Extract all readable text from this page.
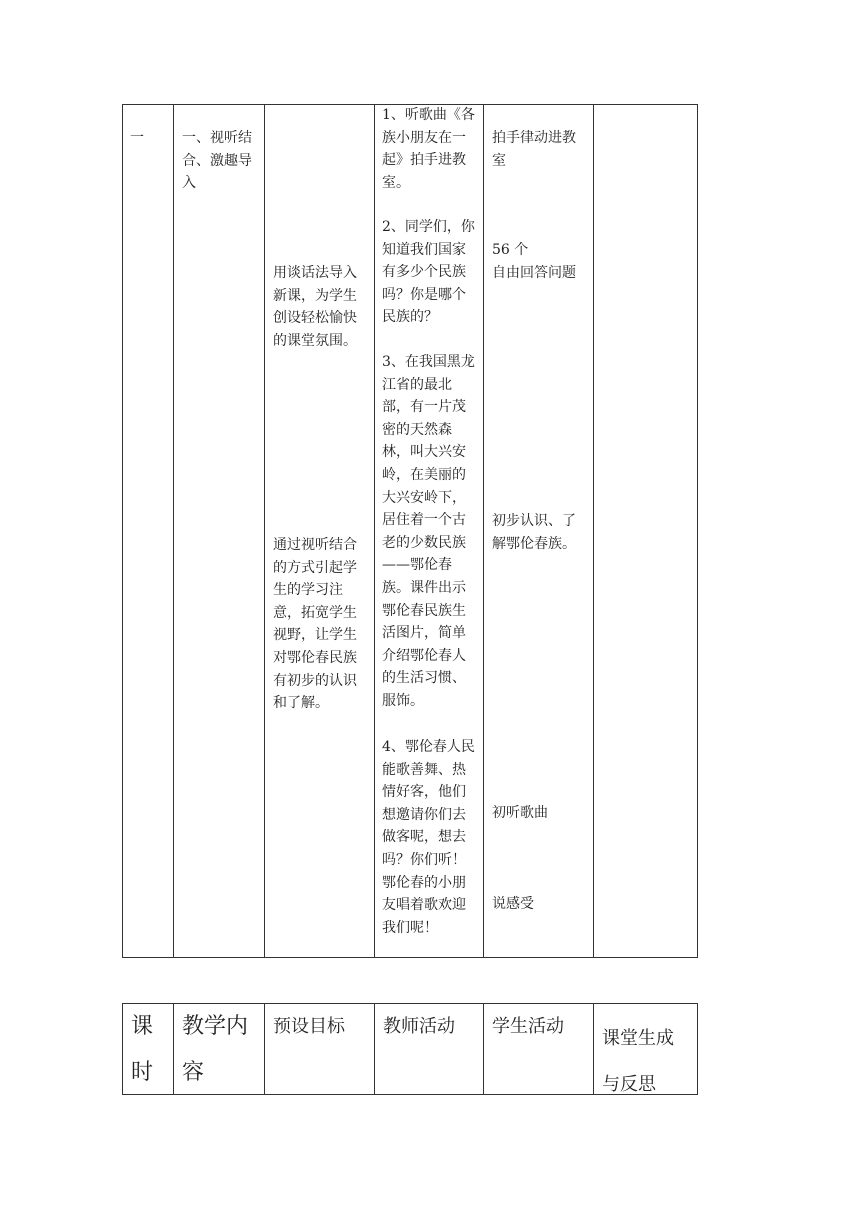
一	一、视听结
合、激趣导
入
用谈话法导入
新课，为学生
创设轻松愉快
的课堂氛围。
通过视听结合
的方式引起学
生的学习注
意，拓宽学生
视野，让学生
对鄂伦春民族
有初步的认识
和了解。
1、听歌曲《各
族小朋友在一
起》拍手进教
室。
2、同学们，你
知道我们国家
有多少个民族
吗？你是哪个
民族的？
3、在我国黑龙
江省的最北
部，有一片茂
密的天然森
林，叫大兴安
岭，在美丽的
大兴安岭下，
居住着一个古
老的少数民族
——鄂伦春
族。课件出示
鄂伦春民族生
活图片，简单
介绍鄂伦春人
的生活习惯、
服饰。
4、鄂伦春人民
能歌善舞、热
情好客，他们
想邀请你们去
做客呢，想去
吗？你们听！
鄂伦春的小朋
友唱着歌欢迎
我们呢！
拍手律动进教
室
56 个
自由回答问题
初步认识、了
解鄂伦春族。
初听歌曲
说感受
课
时
教学内
容
预设目标 教师活动 学生活动
课堂生成
与反思
